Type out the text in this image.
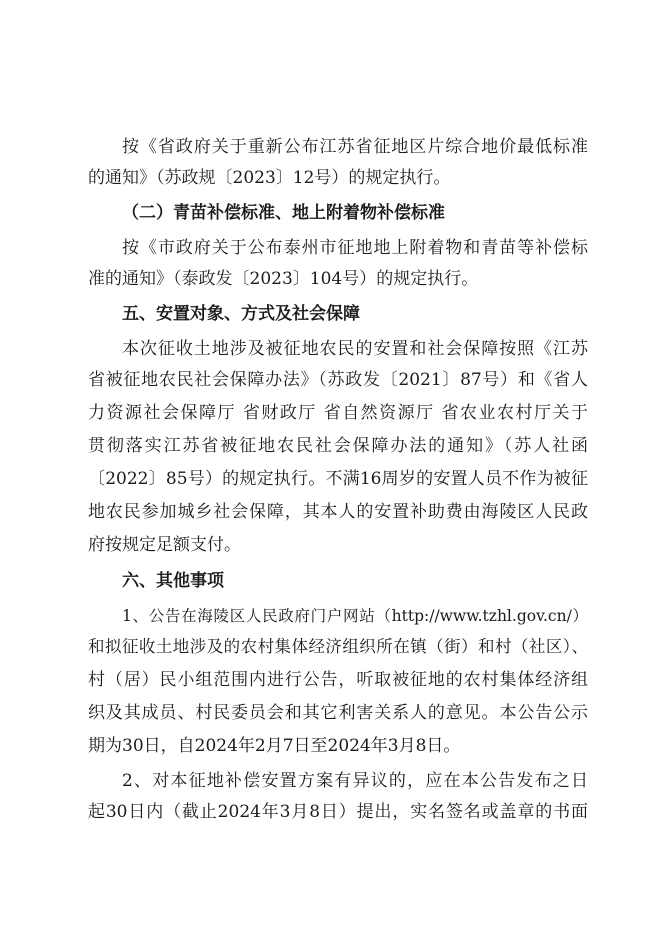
按《省政府关于重新公布江苏省征地区片综合地价最低标准
的通知》（苏政规〔2023〕12号）的规定执行。
（二）青苗补偿标准、地上附着物补偿标准
按《市政府关于公布泰州市征地地上附着物和青苗等补偿标
准的通知》（泰政发〔2023〕104号）的规定执行。
五、安置对象、方式及社会保障
本次征收土地涉及被征地农民的安置和社会保障按照《江苏
省被征地农民社会保障办法》（苏政发〔2021〕87号）和《省人
力资源社会保障厅 省财政厅 省自然资源厅 省农业农村厅关于
贯彻落实江苏省被征地农民社会保障办法的通知》（苏人社函
〔2022〕85号）的规定执行。不满16周岁的安置人员不作为被征
地农民参加城乡社会保障，其本人的安置补助费由海陵区人民政
府按规定足额支付。
六、其他事项
1、公告在海陵区人民政府门户网站（http://www.tzhl.gov.cn/）
和拟征收土地涉及的农村集体经济组织所在镇（街）和村（社区）、
村（居）民小组范围内进行公告，听取被征地的农村集体经济组
织及其成员、村民委员会和其它利害关系人的意见。本公告公示
期为30日，自2024年2月7日至2024年3月8日。
2、对本征地补偿安置方案有异议的，应在本公告发布之日
起30日内（截止2024年3月8日）提出，实名签名或盖章的书面
